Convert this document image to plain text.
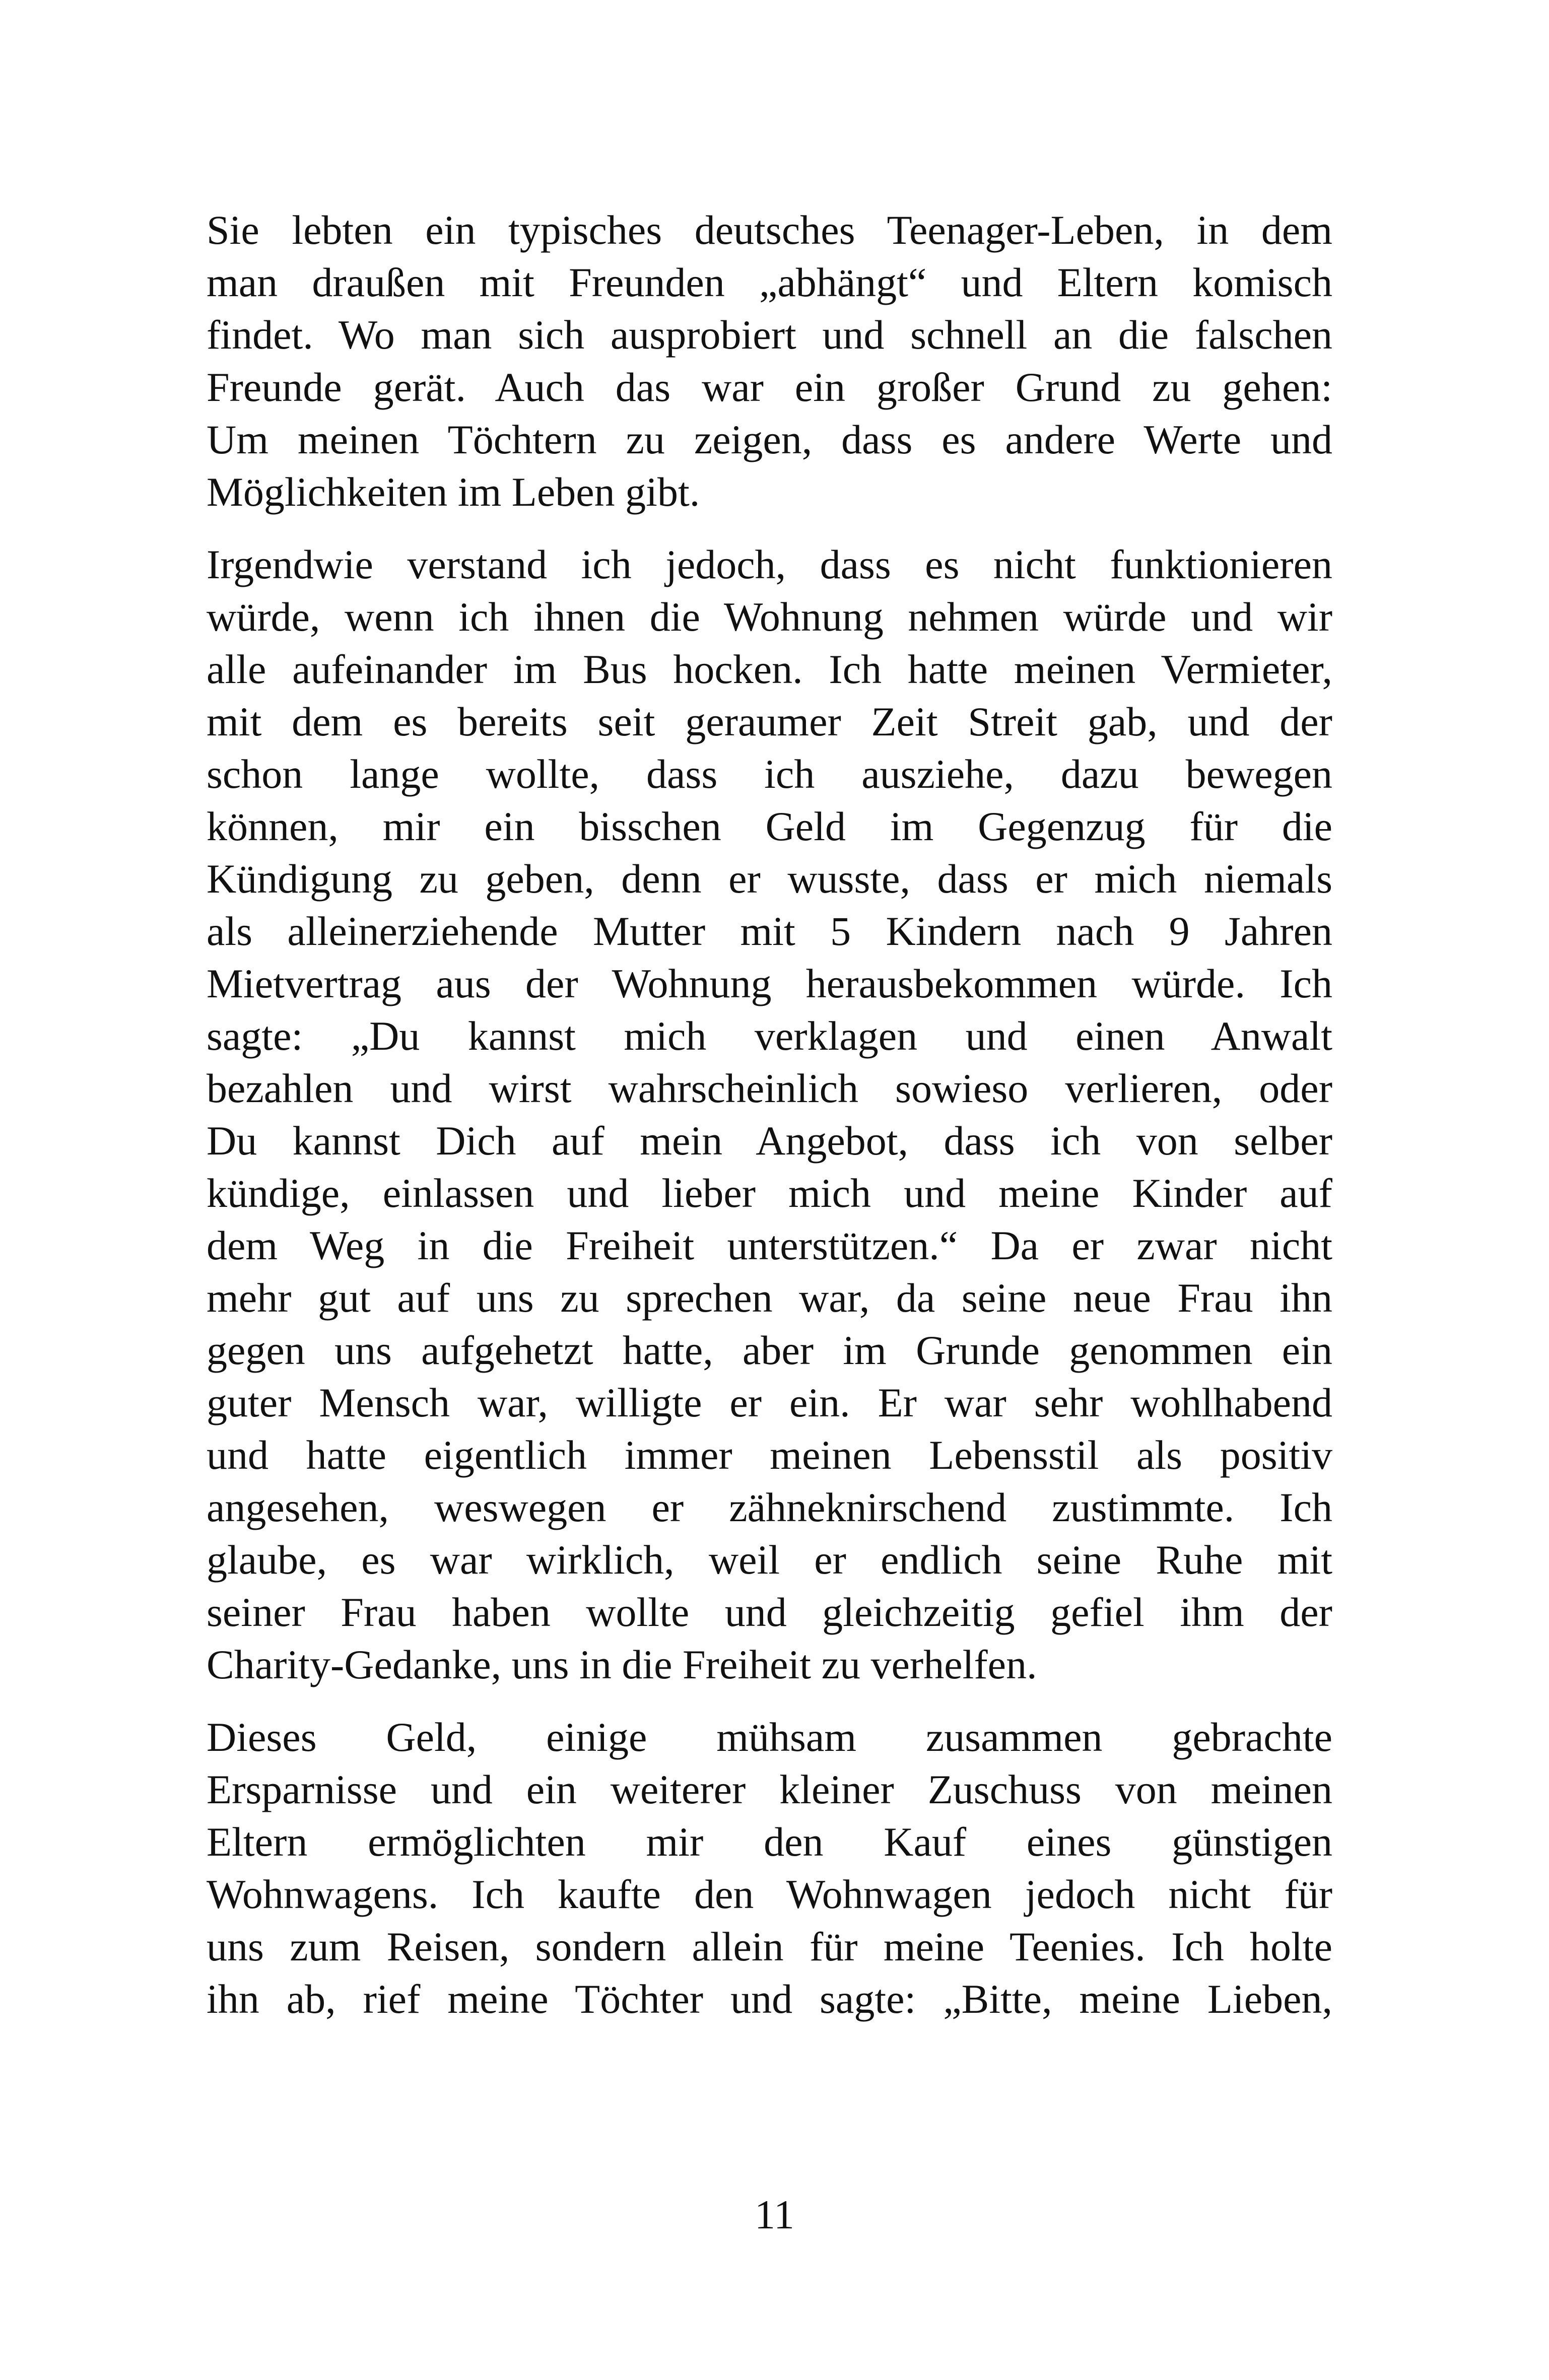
Sie lebten ein typisches deutsches Teenager-Leben, in dem
man draußen mit Freunden „abhängt“ und Eltern komisch
findet. Wo man sich ausprobiert und schnell an die falschen
Freunde gerät. Auch das war ein großer Grund zu gehen:
Um meinen Töchtern zu zeigen, dass es andere Werte und
Möglichkeiten im Leben gibt.
Irgendwie verstand ich jedoch, dass es nicht funktionieren
würde, wenn ich ihnen die Wohnung nehmen würde und wir
alle aufeinander im Bus hocken. Ich hatte meinen Vermieter,
mit dem es bereits seit geraumer Zeit Streit gab, und der
schon lange wollte, dass ich ausziehe, dazu bewegen
können, mir ein bisschen Geld im Gegenzug für die
Kündigung zu geben, denn er wusste, dass er mich niemals
als alleinerziehende Mutter mit 5 Kindern nach 9 Jahren
Mietvertrag aus der Wohnung herausbekommen würde. Ich
sagte: „Du kannst mich verklagen und einen Anwalt
bezahlen und wirst wahrscheinlich sowieso verlieren, oder
Du kannst Dich auf mein Angebot, dass ich von selber
kündige, einlassen und lieber mich und meine Kinder auf
dem Weg in die Freiheit unterstützen.“ Da er zwar nicht
mehr gut auf uns zu sprechen war, da seine neue Frau ihn
gegen uns aufgehetzt hatte, aber im Grunde genommen ein
guter Mensch war, willigte er ein. Er war sehr wohlhabend
und hatte eigentlich immer meinen Lebensstil als positiv
angesehen, weswegen er zähneknirschend zustimmte. Ich
glaube, es war wirklich, weil er endlich seine Ruhe mit
seiner Frau haben wollte und gleichzeitig gefiel ihm der
Charity-Gedanke, uns in die Freiheit zu verhelfen.
Dieses Geld, einige mühsam zusammen gebrachte
Ersparnisse und ein weiterer kleiner Zuschuss von meinen
Eltern ermöglichten mir den Kauf eines günstigen
Wohnwagens. Ich kaufte den Wohnwagen jedoch nicht für
uns zum Reisen, sondern allein für meine Teenies. Ich holte
ihn ab, rief meine Töchter und sagte: „Bitte, meine Lieben,
11
